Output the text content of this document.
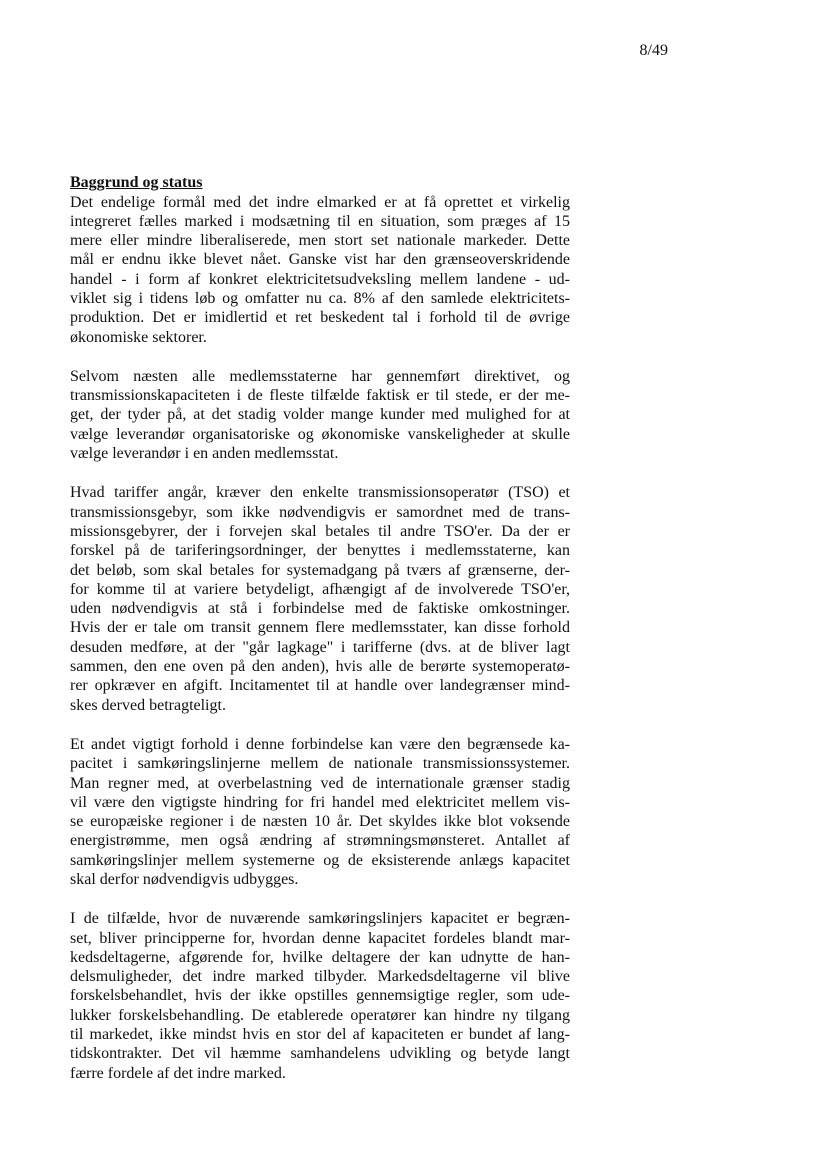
8/49

Baggrund og status

Det endelige formål med det indre elmarked er at få oprettet et virkelig
integreret fælles marked i modsætning til en situation, som præges af 15
mere eller mindre liberaliserede, men stort set nationale markeder. Dette
mål er endnu ikke blevet nået. Ganske vist har den grænseoverskridende
handel - i form af konkret elektricitetsudveksling mellem landene - ud-
viklet sig i tidens løb og omfatter nu ca. 8% af den samlede elektricitets-
produktion. Det er imidlertid et ret beskedent tal i forhold til de øvrige
økonomiske sektorer.

Selvom næsten alle medlemsstaterne har gennemført direktivet, og
transmissionskapaciteten i de fleste tilfælde faktisk er til stede, er der me-
get, der tyder på, at det stadig volder mange kunder med mulighed for at
vælge leverandør organisatoriske og økonomiske vanskeligheder at skulle
vælge leverandør i en anden medlemsstat.

Hvad tariffer angår, kræver den enkelte transmissionsoperatør (TSO) et
transmissionsgebyr, som ikke nødvendigvis er samordnet med de trans-
missionsgebyrer, der i forvejen skal betales til andre TSO'er. Da der er
forskel på de tariferingsordninger, der benyttes i medlemsstaterne, kan
det beløb, som skal betales for systemadgang på tværs af grænserne, der-
for komme til at variere betydeligt, afhængigt af de involverede TSO'er,
uden nødvendigvis at stå i forbindelse med de faktiske omkostninger.
Hvis der er tale om transit gennem flere medlemsstater, kan disse forhold
desuden medføre, at der "går lagkage" i tarifferne (dvs. at de bliver lagt
sammen, den ene oven på den anden), hvis alle de berørte systemoperatø-
rer opkræver en afgift. Incitamentet til at handle over landegrænser mind-
skes derved betragteligt.

Et andet vigtigt forhold i denne forbindelse kan være den begrænsede ka-
pacitet i samkøringslinjerne mellem de nationale transmissionssystemer.
Man regner med, at overbelastning ved de internationale grænser stadig
vil være den vigtigste hindring for fri handel med elektricitet mellem vis-
se europæiske regioner i de næsten 10 år. Det skyldes ikke blot voksende
energistrømme, men også ændring af strømningsmønsteret. Antallet af
samkøringslinjer mellem systemerne og de eksisterende anlægs kapacitet
skal derfor nødvendigvis udbygges.

I de tilfælde, hvor de nuværende samkøringslinjers kapacitet er begræn-
set, bliver principperne for, hvordan denne kapacitet fordeles blandt mar-
kedsdeltagerne, afgørende for, hvilke deltagere der kan udnytte de han-
delsmuligheder, det indre marked tilbyder. Markedsdeltagerne vil blive
forskelsbehandlet, hvis der ikke opstilles gennemsigtige regler, som ude-
lukker forskelsbehandling. De etablerede operatører kan hindre ny tilgang
til markedet, ikke mindst hvis en stor del af kapaciteten er bundet af lang-
tidskontrakter. Det vil hæmme samhandelens udvikling og betyde langt
færre fordele af det indre marked.
